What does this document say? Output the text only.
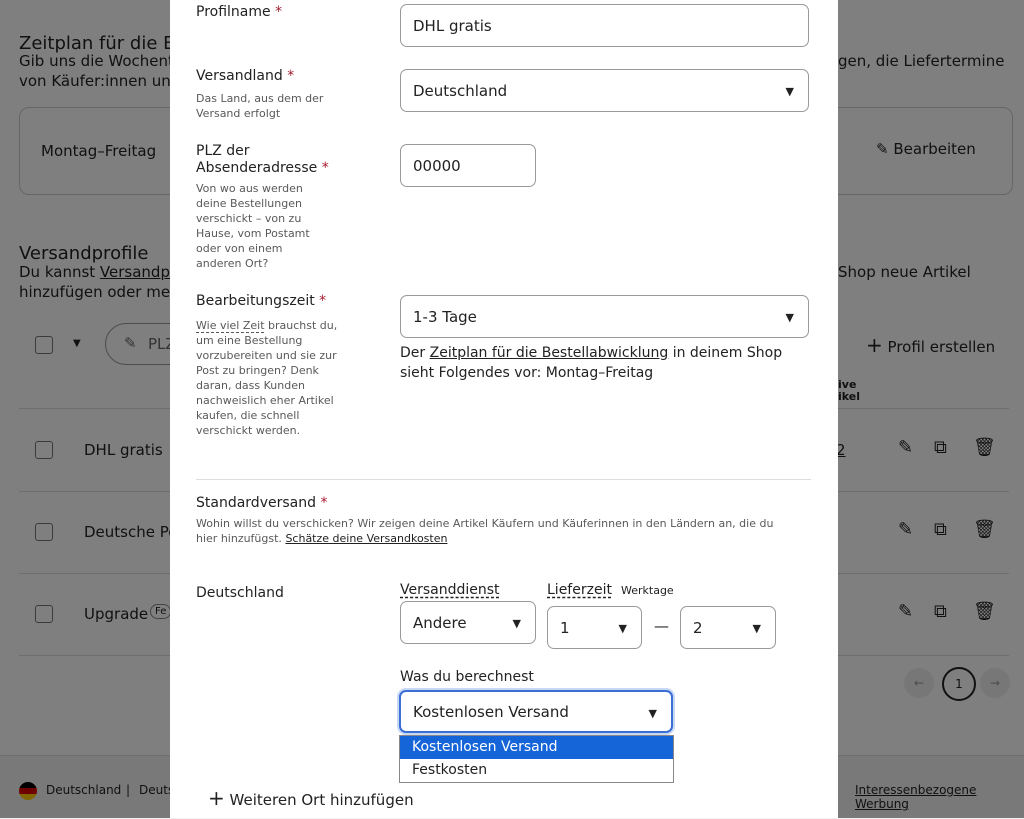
Profilname *
DHL gratis
Versandland *
Das Land, aus dem der Versand erfolgt
Deutschland	▼
PLZ der Absenderadresse *
Von wo aus werden deine Bestellungen verschickt – von zu Hause, vom Postamt oder von einem anderen Ort?
00000
Bearbeitungszeit *
Wie viel Zeit brauchst du, um eine Bestellung vorzubereiten und sie zur Post zu bringen? Denk daran, dass Kunden nachweislich eher Artikel kaufen, die schnell verschickt werden.
1-3 Tage	▼
Der Zeitplan für die Bestellabwicklung in deinem Shop sieht Folgendes vor: Montag–Freitag
Standardversand *
Wohin willst du verschicken? Wir zeigen deine Artikel Käufern und Käuferinnen in den Ländern an, die du hier hinzufügst. Schätze deine Versandkosten
Deutschland	Versanddienst
Andere	▼
Lieferzeit Werktage
1	▼ — 2	▼
Was du berechnest
Kostenlosen Versand	▼
Kostenlosen Versand
Festkosten
+ Weiteren Ort hinzufügen
